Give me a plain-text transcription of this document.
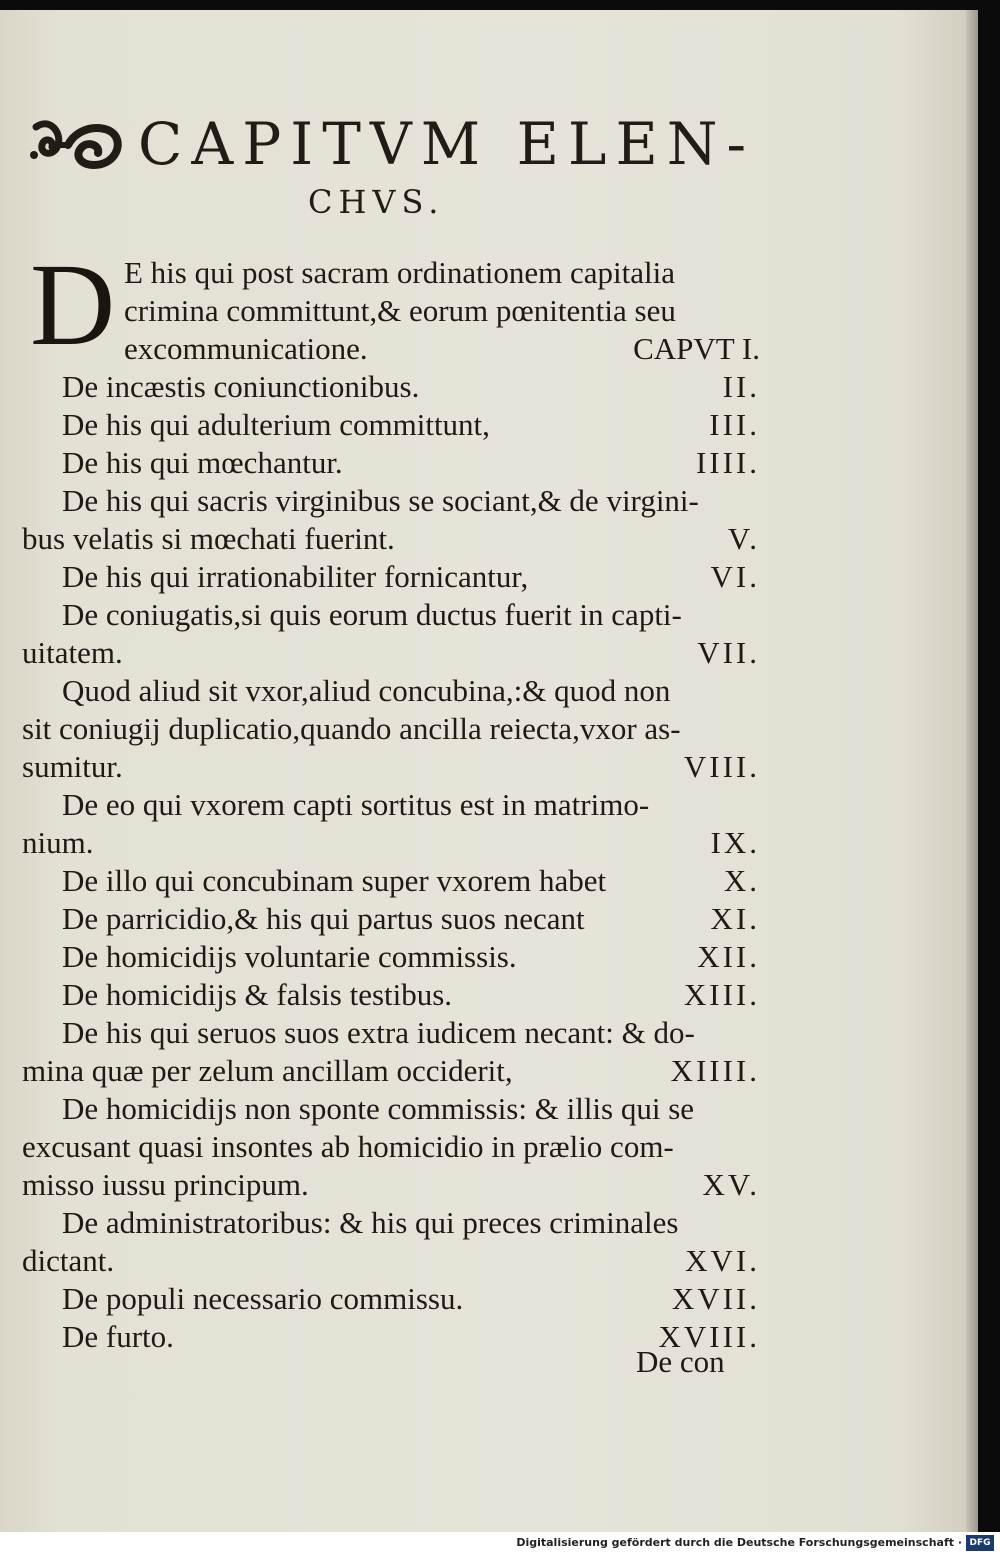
CAPITVM ELEN-
CHVS.
D E his qui post sacram ordinationem capitalia
crimina committunt,& eorum pœnitentia seu
excommunicatione.	CAPVT I.
De incæstis coniunctionibus.	II.
De his qui adulterium committunt,	III.
De his qui mœchantur.	IIII.
De his qui sacris virginibus se sociant,& de virgini-
bus velatis si mœchati fuerint.	V.
De his qui irrationabiliter fornicantur,	VI.
De coniugatis,si quis eorum ductus fuerit in capti-
uitatem.	VII.
Quod aliud sit vxor,aliud concubina,:& quod non
sit coniugij duplicatio,quando ancilla reiecta,vxor as-
sumitur.	VIII.
De eo qui vxorem capti sortitus est in matrimo-
nium.	IX.
De illo qui concubinam super vxorem habet	X.
De parricidio,& his qui partus suos necant	XI.
De homicidijs voluntarie commissis.	XII.
De homicidijs & falsis testibus.	XIII.
De his qui seruos suos extra iudicem necant: & do-
mina quæ per zelum ancillam occiderit,	XIIII.
De homicidijs non sponte commissis: & illis qui se
excusant quasi insontes ab homicidio in prælio com-
misso iussu principum.	XV.
De administratoribus: & his qui preces criminales
dictant.	XVI.
De populi necessario commissu.	XVII.
De furto.	XVIII.
De con
Digitalisierung gefördert durch die Deutsche Forschungsgemeinschaft · DFG
